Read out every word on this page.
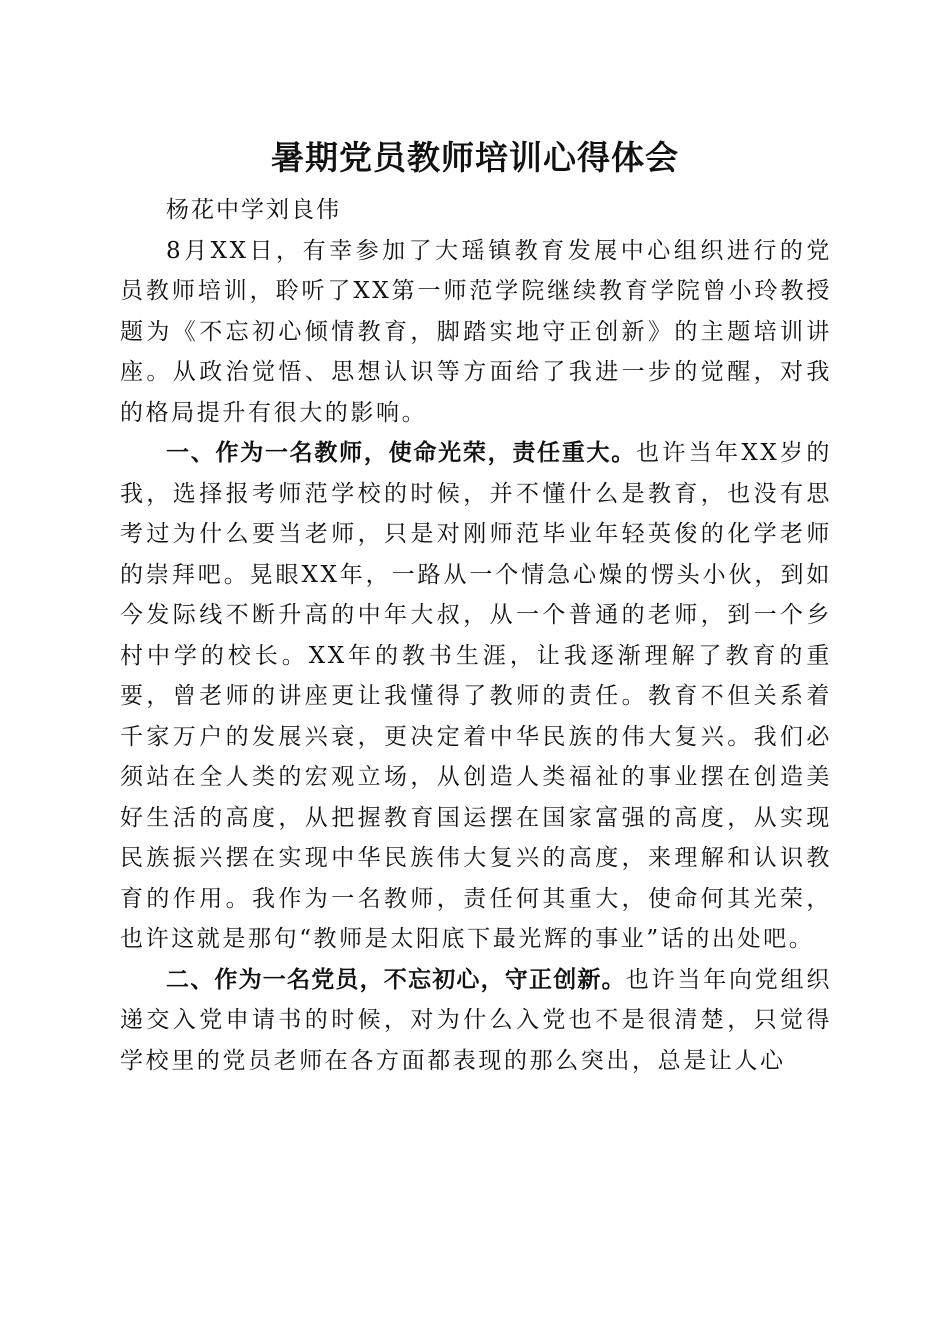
暑期党员教师培训心得体会

杨花中学刘良伟

8月XX日，有幸参加了大瑶镇教育发展中心组织进行的党员教师培训，聆听了XX第一师范学院继续教育学院曾小玲教授题为《不忘初心倾情教育，脚踏实地守正创新》的主题培训讲座。从政治觉悟、思想认识等方面给了我进一步的觉醒，对我的格局提升有很大的影响。

一、作为一名教师，使命光荣，责任重大。也许当年XX岁的我，选择报考师范学校的时候，并不懂什么是教育，也没有思考过为什么要当老师，只是对刚师范毕业年轻英俊的化学老师的崇拜吧。晃眼XX年，一路从一个情急心燥的愣头小伙，到如今发际线不断升高的中年大叔，从一个普通的老师，到一个乡村中学的校长。XX年的教书生涯，让我逐渐理解了教育的重要，曾老师的讲座更让我懂得了教师的责任。教育不但关系着千家万户的发展兴衰，更决定着中华民族的伟大复兴。我们必须站在全人类的宏观立场，从创造人类福祉的事业摆在创造美好生活的高度，从把握教育国运摆在国家富强的高度，从实现民族振兴摆在实现中华民族伟大复兴的高度，来理解和认识教育的作用。我作为一名教师，责任何其重大，使命何其光荣，也许这就是那句“教师是太阳底下最光辉的事业”话的出处吧。

二、作为一名党员，不忘初心，守正创新。也许当年向党组织递交入党申请书的时候，对为什么入党也不是很清楚，只觉得学校里的党员老师在各方面都表现的那么突出，总是让人心
